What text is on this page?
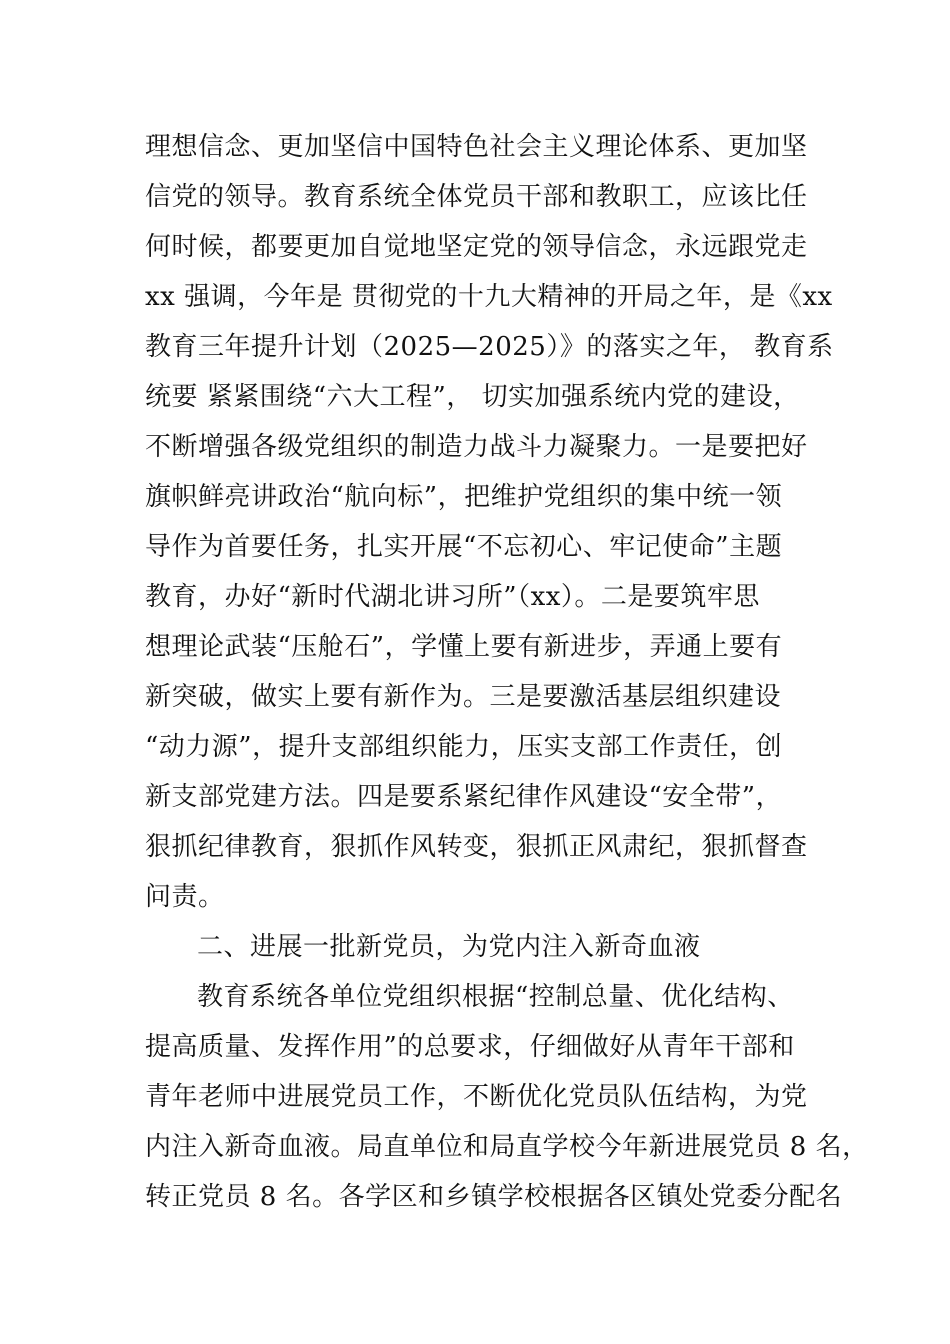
理想信念、更加坚信中国特色社会主义理论体系、更加坚
信党的领导。教育系统全体党员干部和教职工，应该比任
何时候，都要更加自觉地坚定党的领导信念，永远跟党走
xx 强调，今年是 贯彻党的十九大精神的开局之年，是《xx
教育三年提升计划（2025—2025）》的落实之年， 教育系
统要 紧紧围绕“六大工程”， 切实加强系统内党的建设，
不断增强各级党组织的制造力战斗力凝聚力。一是要把好
旗帜鲜亮讲政治“航向标”，把维护党组织的集中统一领
导作为首要任务，扎实开展“不忘初心、牢记使命”主题
教育，办好“新时代湖北讲习所”（xx）。二是要筑牢思
想理论武装“压舱石”，学懂上要有新进步，弄通上要有
新突破，做实上要有新作为。三是要激活基层组织建设
“动力源”，提升支部组织能力，压实支部工作责任，创
新支部党建方法。四是要系紧纪律作风建设“安全带”，
狠抓纪律教育，狠抓作风转变，狠抓正风肃纪，狠抓督查
问责。
二、进展一批新党员，为党内注入新奇血液
教育系统各单位党组织根据“控制总量、优化结构、
提高质量、发挥作用”的总要求，仔细做好从青年干部和
青年老师中进展党员工作，不断优化党员队伍结构，为党
内注入新奇血液。局直单位和局直学校今年新进展党员 8 名，
转正党员 8 名。各学区和乡镇学校根据各区镇处党委分配名
